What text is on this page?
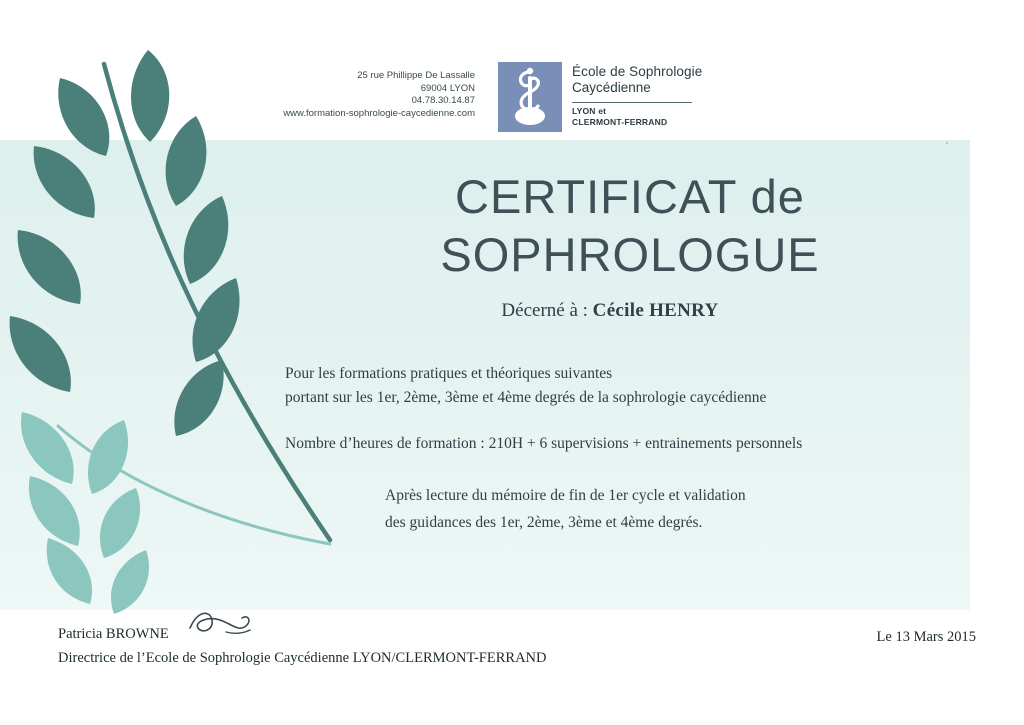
25 rue Phillippe De Lassalle
69004 LYON
04.78.30.14.87
www.formation-sophrologie-caycedienne.com
École de Sophrologie
Caycédienne
LYON et
CLERMONT-FERRAND
CERTIFICAT de
SOPHROLOGUE
Décerné à : Cécile HENRY
Pour les formations pratiques et théoriques suivantes
portant sur les 1er, 2ème, 3ème et 4ème degrés de la sophrologie caycédienne
Nombre d’heures de formation : 210H + 6 supervisions + entrainements personnels
Après lecture du mémoire de fin de 1er cycle et validation
des guidances des 1er, 2ème, 3ème et 4ème degrés.
Patricia BROWNE
Directrice de l’Ecole de Sophrologie Caycédienne LYON/CLERMONT-FERRAND
Le 13 Mars 2015
